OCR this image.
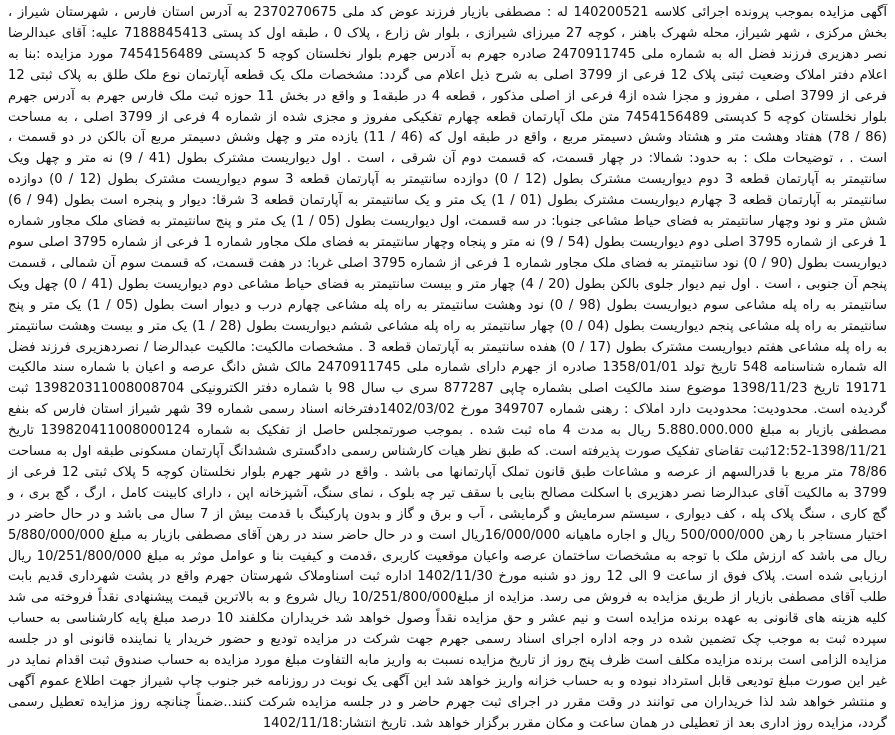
آگهی مزایده بموجب پرونده اجرائی کلاسه 140200521 له : مصطفی بازیار فرزند عوض کد ملی 2370270675 به آدرس استان فارس ، شهرستان شیراز ، بخش مرکزی ، شهر شیراز، محله شهرک باهنر ، کوچه 27 میرزای شیرازی ، بلوار ش زارع ، پلاک 0 ، طبقه اول کد پستی 7188845413 علیه: آقای عبدالرضا نصر دهزیری فرزند فضل اله به شماره ملی 2470911745 صادره جهرم به آدرس جهرم بلوار نخلستان کوچه 5 کدپستی 7454156489 مورد مزایده :بنا به اعلام دفتر املاک وضعیت ثبتی پلاک 12 فرعی از 3799 اصلی به شرح ذیل اعلام می گردد: مشخصات ملک یک قطعه آپارتمان نوع ملک طلق به پلاک ثبتی 12 فرعی از 3799 اصلی ، مفروز و مجزا شده از4 فرعی از اصلی مذکور ، قطعه 4 در طبقه1 و واقع در بخش 11 حوزه ثبت ملک فارس جهرم به آدرس جهرم بلوار نخلستان کوچه 5 کدپستی 7454156489 متن ملک آپارتمان قطعه چهارم تفکیکی مفروز و مجزی شده از شماره 4 فرعی از 3799 اصلی ، به مساحت (86 / 78) هفتاد وهشت متر و هشتاد وشش دسیمتر مربع ، واقع در طبقه اول که (46 / 11) یازده متر و چهل وشش دسیمتر مربع آن بالکن در دو قسمت ، است . ، توضیحات ملک : به حدود: شمالا: در چهار قسمت، که قسمت دوم آن شرقی ، است . اول دیواریست مشترک بطول (41 / 9) نه متر و چهل ویک سانتیمتر به آپارتمان قطعه 3 دوم دیواریست مشترک بطول (12 / 0) دوازده سانتیمتر به آپارتمان قطعه 3 سوم دیواریست مشترک بطول (12 / 0) دوازده سانتیمتر به آپارتمان قطعه 3 چهارم دیواریست مشترک بطول (01 / 1) یک متر و یک سانتیمتر به آپارتمان قطعه 3 شرقا: دیوار و پنجره است بطول (94 / 6) شش متر و نود وچهار سانتیمتر به فضای حیاط مشاعی جنوبا: در سه قسمت، اول دیواریست بطول (05 / 1) یک متر و پنج سانتیمتر به فضای ملک مجاور شماره 1 فرعی از شماره 3795 اصلی دوم دیواریست بطول (54 / 9) نه متر و پنجاه وچهار سانتیمتر به فضای ملک مجاور شماره 1 فرعی از شماره 3795 اصلی سوم دیواریست بطول (90 / 0) نود سانتیمتر به فضای ملک مجاور شماره 1 فرعی از شماره 3795 اصلی غربا: در هفت قسمت، که قسمت سوم آن شمالی ، قسمت پنجم آن جنوبی ، است . اول نیم دیوار جلوی بالکن بطول (20 / 4) چهار متر و بیست سانتیمتر به فضای حیاط مشاعی دوم دیواریست بطول (41 / 0) چهل ویک سانتیمتر به راه پله مشاعی سوم دیواریست بطول (98 / 0) نود وهشت سانتیمتر به راه پله مشاعی چهارم درب و دیوار است بطول (05 / 1) یک متر و پنج سانتیمتر به راه پله مشاعی پنجم دیواریست بطول (04 / 0) چهار سانتیمتر به راه پله مشاعی ششم دیواریست بطول (28 / 1) یک متر و بیست وهشت سانتیمتر به راه پله مشاعی هفتم دیواریست مشترک بطول (17 / 0) هفده سانتیمتر به آپارتمان قطعه 3 . مشخصات مالکیت: مالکیت عبدالرضا / نصردهزیری فرزند فضل اله شماره شناسنامه 548 تاریخ تولد 1358/01/01 صادره از جهرم دارای شماره ملی 2470911745 مالک شش دانگ عرصه و اعیان با شماره سند مالکیت 19171 تاریخ 1398/11/23 موضوع سند مالکیت اصلی بشماره چاپی 877287 سری ب سال 98 با شماره دفتر الکترونیکی 139820311008008704 ثبت گردیده است. محدودیت: محدودیت دارد املاک : رهنی شماره 349707 مورخ 1402/03/02دفترخانه اسناد رسمی شماره 39 شهر شیراز استان فارس که بنفع مصطفی بازیار به مبلغ 5.880.000.000 ریال به مدت 4 ماه ثبت شده . بموجب صورتمجلس حاصل از تفکیک به شماره 139820411008000124 تاریخ 1398/11/21-12:52ثبت تقاضای تفکیک صورت پذیرفته است. که طبق نظر هیات کارشناس رسمی دادگستری ششدانگ آپارتمان مسکونی طبقه اول به مساحت 78/86 متر مربع با قدرالسهم از عرصه و مشاعات طبق قانون تملک آپارتمانها می باشد . واقع در شهر جهرم بلوار نخلستان کوچه 5 پلاک ثبتی 12 فرعی از 3799 به مالکیت آقای عبدالرضا نصر دهزیری با اسکلت مصالح بنایی با سقف تیر چه بلوک ، نمای سنگ، آشپزخانه اپن ، دارای کابینت کامل ، ارگ ، گچ بری ، و گچ کاری ، سنگ پلاک پله ، کف دیواری ، سیستم سرمایش و گرمایشی ، آب و برق و گاز و بدون پارکینگ با قدمت بیش از 7 سال می باشد و در حال حاضر در اختیار مستاجر با رهن 500/000/000 ریال و اجاره ماهیانه 16/000/000ریال است و در حال حاضر سند در رهن آقای مصطفی بازیار به مبلغ 5/880/000/000 ریال می باشد که ارزش ملک با توجه به مشخصات ساختمان عرصه واعیان موقعیت کاربری ،قدمت و کیفیت بنا و عوامل موثر به مبلغ 10/251/800/000 ریال ارزیابی شده است. پلاک فوق از ساعت 9 الی 12 روز دو شنبه مورخ 1402/11/30 اداره ثبت اسناوملاک شهرستان جهرم واقع در پشت شهرداری قدیم بابت طلب آقای مصطفی بازیار از طریق مزایده به فروش می رسد. مزایده از مبلغ10/251/800/000 ریال شروع و به بالاترین قیمت پیشنهادی نقداً فروخته می شد کلیه هزینه های قانونی به عهده برنده مزایده است و نیم عشر و حق مزایده نقداً وصول خواهد شد خریداران مکلفند 10 درصد مبلغ پایه کارشناسی به حساب سپرده ثبت به موجب چک تضمین شده در وجه اداره اجرای اسناد رسمی جهرم جهت شرکت در مزایده تودیع و حضور خریدار یا نماینده قانونی او در جلسه مزایده الزامی است برنده مزایده مکلف است ظرف پنج روز از تاریخ مزایده نسبت به واریز مابه التفاوت مبلغ مورد مزایده به حساب صندوق ثبت اقدام نماید در غیر این صورت مبلغ تودیعی قابل استرداد نبوده و به حساب خزانه واریز خواهد شد این آگهی یک نوبت در روزنامه خبر جنوب چاپ شیراز جهت اطلاع عموم آگهی و منتشر خواهد شد لذا خریداران می توانند در وقت مقرر در اجرای ثبت جهرم حاضر و در جلسه مزایده شرکت کنند..ضمناً چنانچه روز مزایده تعطیل رسمی گردد، مزایده روز اداری بعد از تعطیلی در همان ساعت و مکان مقرر برگزار خواهد شد. تاریخ انتشار:1402/11/18
